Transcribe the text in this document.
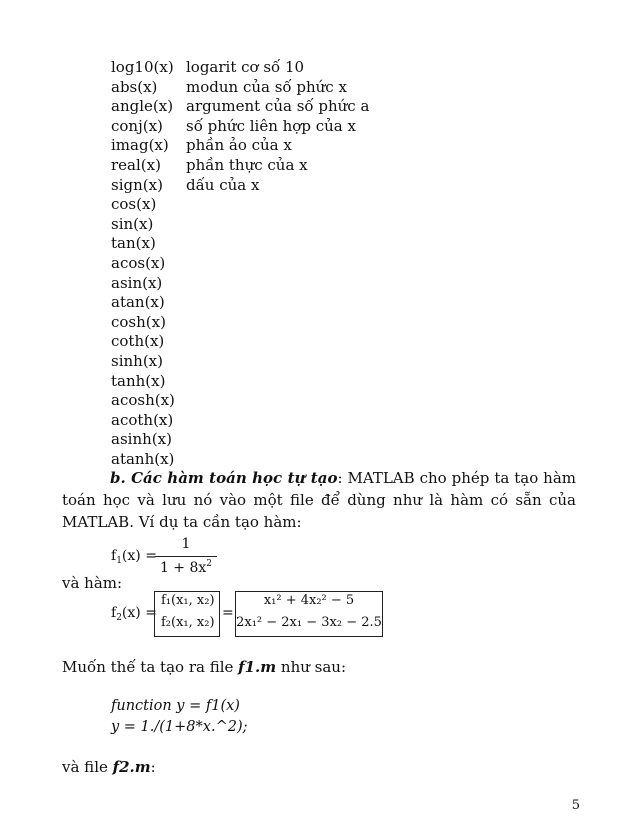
log10(x) logarit cơ số 10
abs(x) modun của số phức x
angle(x) argument của số phức a
conj(x) số phức liên hợp của x
imag(x) phần ảo của x
real(x) phần thực của x
sign(x) dấu của x
cos(x)
sin(x)
tan(x)
acos(x)
asin(x)
atan(x)
cosh(x)
coth(x)
sinh(x)
tanh(x)
acosh(x)
acoth(x)
asinh(x)
atanh(x)
b. Các hàm toán học tự tạo: MATLAB cho phép ta tạo hàm toán học và lưu nó vào một file để dùng như là hàm có sẵn của MATLAB. Ví dụ ta cần tạo hàm:
$f_1(x)$ =
1
$1 + 8x^2$
và hàm:
$f_2(x)$ =
f₁(x₁, x₂)
f₂(x₁, x₂)
=
x₁² + 4x₂² − 5
2x₁² − 2x₁ − 3x₂ − 2.5
Muốn thế ta tạo ra file f1.m như sau:
function y = f1(x)
y = 1./(1+8*x.^2);
và file f2.m:
5
